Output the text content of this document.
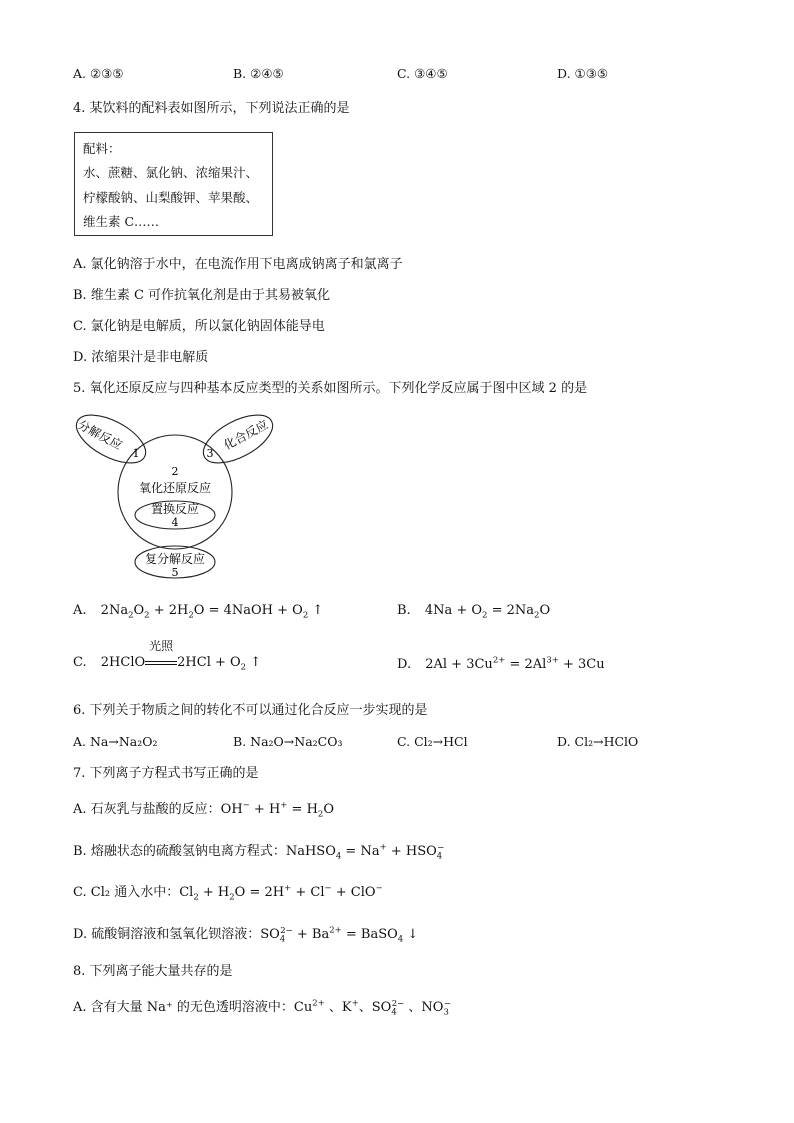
A. ②③⑤	B. ②④⑤	C. ③④⑤	D. ①③⑤
4. 某饮料的配料表如图所示，下列说法正确的是
配料：
水、蔗糖、氯化钠、浓缩果汁、
柠檬酸钠、山梨酸钾、苹果酸、
维生素 C……
A. 氯化钠溶于水中，在电流作用下电离成钠离子和氯离子
B. 维生素 C 可作抗氧化剂是由于其易被氧化
C. 氯化钠是电解质，所以氯化钠固体能导电
D. 浓缩果汁是非电解质
5. 氧化还原反应与四种基本反应类型的关系如图所示。下列化学反应属于图中区域 2 的是
分解反应	化合反应
1	3
2
氧化还原反应
置换反应
4
复分解反应
5
A. $2Na_2O_2 + 2H_2O$ = 4NaOH + $O_2$ ↑	B. $4Na + O_2 = 2Na_2O$
C. 2HClO
光照
$2HCl + O_2$ ↑	D. $2Al + 3Cu^{2+} = 2Al^{3+} + 3Cu$
6. 下列关于物质之间的转化不可以通过化合反应一步实现的是
A. Na→Na₂O₂	B. Na₂O→Na₂CO₃	C. Cl₂→HCl	D. Cl₂→HClO
7. 下列离子方程式书写正确的是
A. 石灰乳与盐酸的反应：$OH^- + H^+ = H_2O$
B. 熔融状态的硫酸氢钠电离方程式：NaHSO$_4$ = $Na^+ + HSO_4^-$
C. Cl₂ 通入水中：$Cl_2 + H_2O = 2H^+ + Cl^- + ClO^-$
D. 硫酸铜溶液和氢氧化钡溶液：$SO_4^{2-} + Ba^{2+}$ = BaSO$_4$ ↓
8. 下列离子能大量共存的是
A. 含有大量 Na⁺ 的无色透明溶液中：$Cu^{2+}$ 、K+、$SO_4^{2-}$ 、$NO_3^-$
